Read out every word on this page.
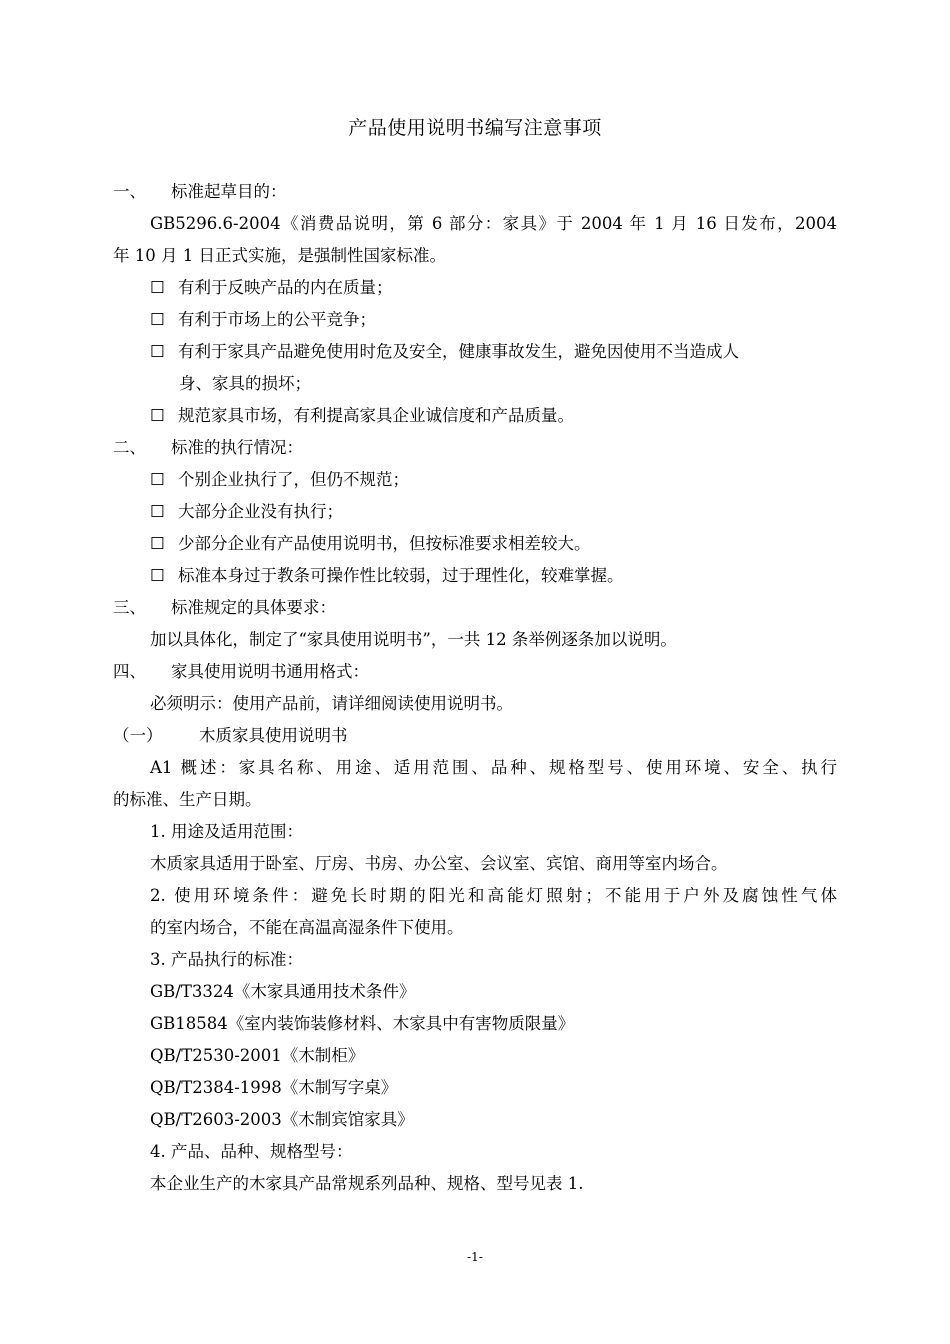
产品使用说明书编写注意事项
一、 标准起草目的：
GB5296.6-2004《消费品说明，第 6 部分：家具》于 2004 年 1 月 16 日发布，2004
年 10 月 1 日正式实施，是强制性国家标准。
☐ 有利于反映产品的内在质量；
☐ 有利于市场上的公平竞争；
☐ 有利于家具产品避免使用时危及安全，健康事故发生，避免因使用不当造成人
身、家具的损坏；
☐ 规范家具市场，有利提高家具企业诚信度和产品质量。
二、 标准的执行情况：
☐ 个别企业执行了，但仍不规范；
☐ 大部分企业没有执行；
☐ 少部分企业有产品使用说明书，但按标准要求相差较大。
☐ 标准本身过于教条可操作性比较弱，过于理性化，较难掌握。
三、 标准规定的具体要求：
加以具体化，制定了“家具使用说明书”，一共 12 条举例逐条加以说明。
四、 家具使用说明书通用格式：
必须明示：使用产品前，请详细阅读使用说明书。
（一） 木质家具使用说明书
A1 概述：家具名称、用途、适用范围、品种、规格型号、使用环境、安全、执行
的标准、生产日期。
1. 用途及适用范围：
木质家具适用于卧室、厅房、书房、办公室、会议室、宾馆、商用等室内场合。
2. 使用环境条件：避免长时期的阳光和高能灯照射；不能用于户外及腐蚀性气体
的室内场合，不能在高温高湿条件下使用。
3. 产品执行的标准：
GB/T3324《木家具通用技术条件》
GB18584《室内装饰装修材料、木家具中有害物质限量》
QB/T2530-2001《木制柜》
QB/T2384-1998《木制写字桌》
QB/T2603-2003《木制宾馆家具》
4. 产品、品种、规格型号：
本企业生产的木家具产品常规系列品种、规格、型号见表 1.
-1-
